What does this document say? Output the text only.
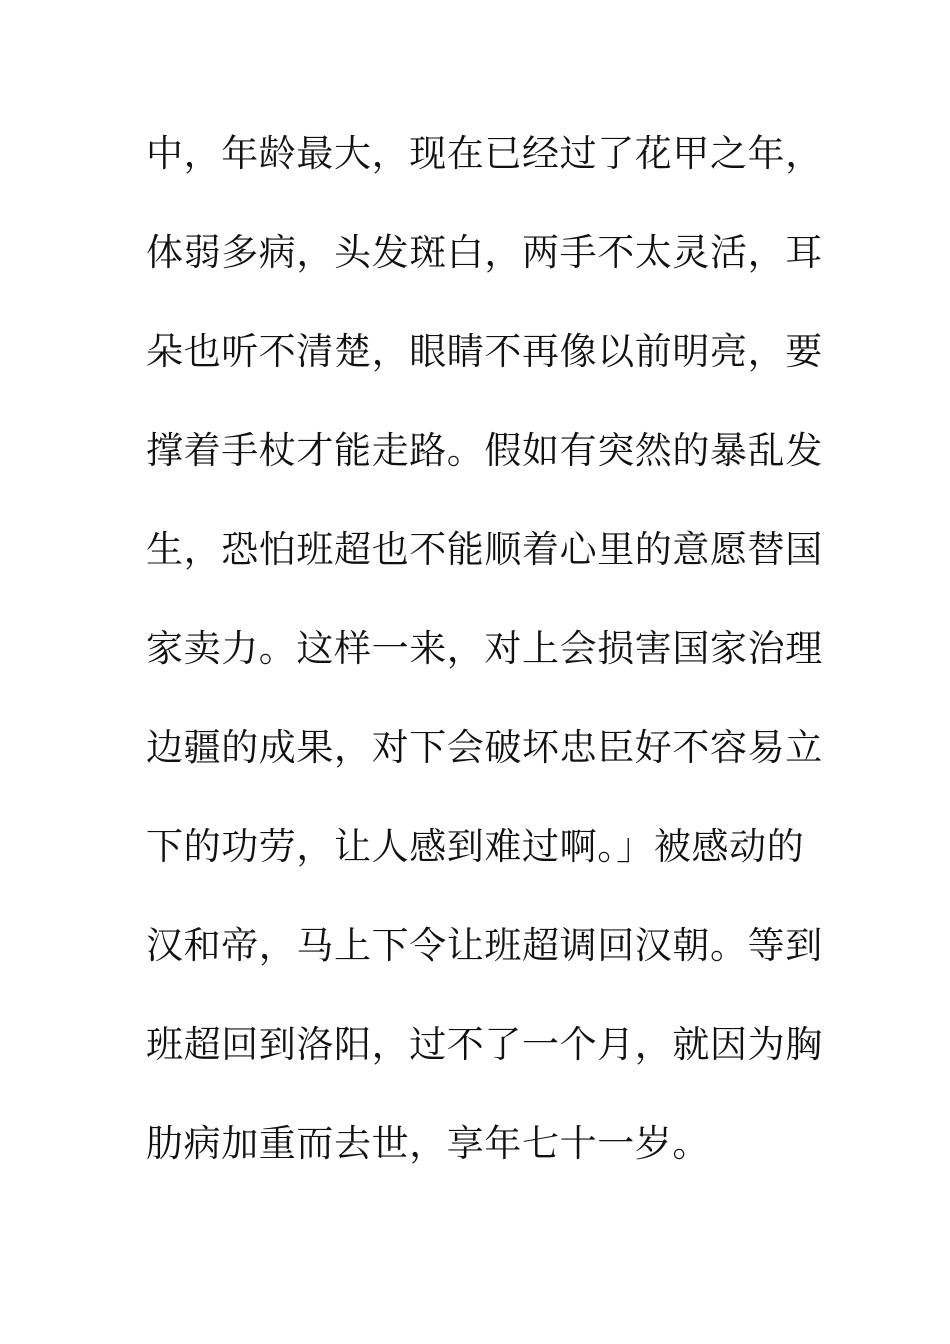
中，年龄最大，现在已经过了花甲之年，
体弱多病，头发斑白，两手不太灵活，耳
朵也听不清楚，眼睛不再像以前明亮，要
撑着手杖才能走路。假如有突然的暴乱发
生，恐怕班超也不能顺着心里的意愿替国
家卖力。这样一来，对上会损害国家治理
边疆的成果，对下会破坏忠臣好不容易立
下的功劳，让人感到难过啊。」被感动的
汉和帝，马上下令让班超调回汉朝。等到
班超回到洛阳，过不了一个月，就因为胸
肋病加重而去世，享年七十一岁。
